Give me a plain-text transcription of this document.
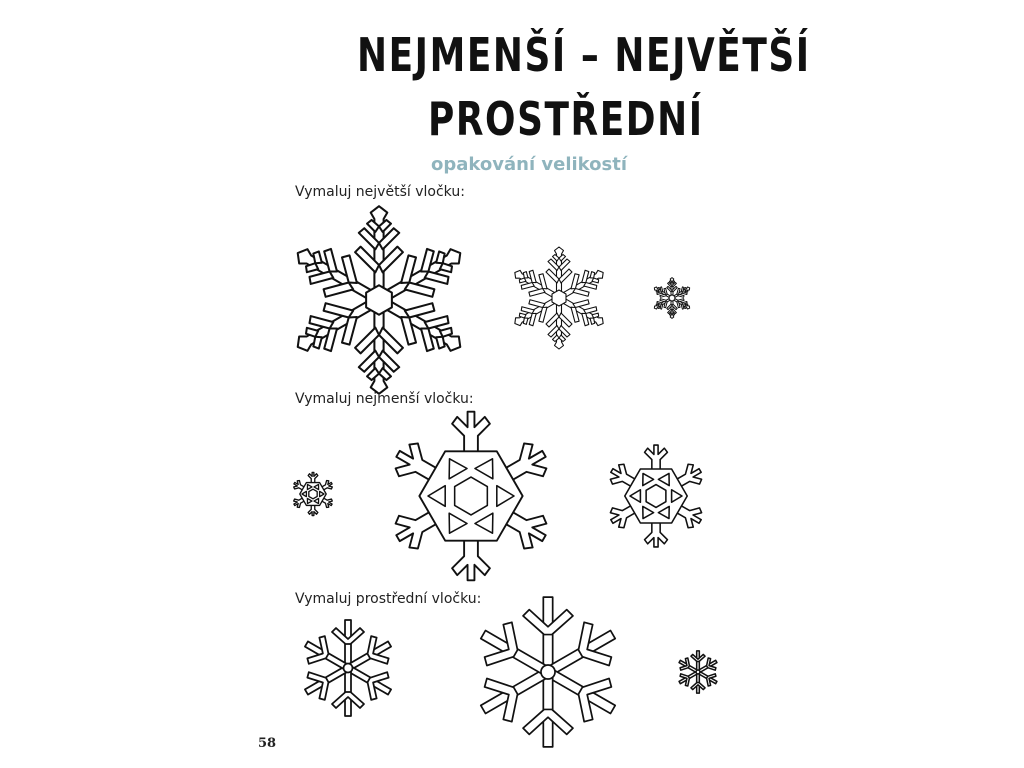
NEJMENŠÍ – NEJVĚTŠÍ
PROSTŘEDNÍ
opakování velikostí
Vymaluj největší vločku:
Vymaluj nejmenší vločku:
Vymaluj prostřední vločku:
58
